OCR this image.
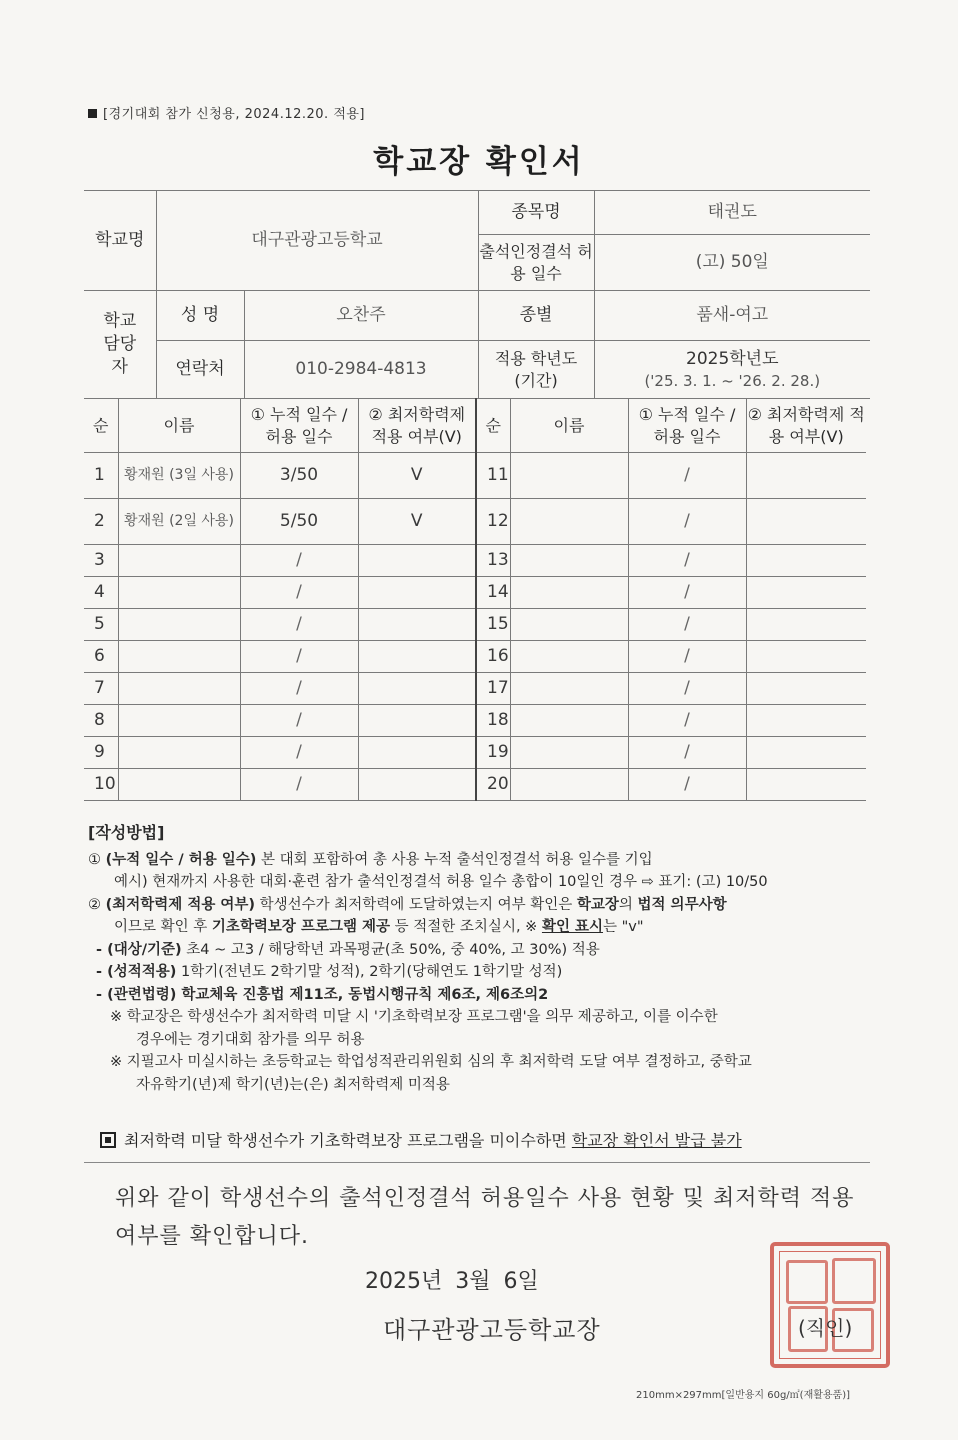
[경기대회 참가 신청용, 2024.12.20. 적용]
학교장 확인서
학교명	대구관광고등학교		종목명	태권도
			출석인정결석 허용 일수	(고) 50일
학교 담당자	성 명	오찬주	종별	품새-여고
	연락처	010-2984-4813	적용 학년도 (기간)	2025학년도
('25. 3. 1. ~ '26. 2. 28.)
순	이름	① 누적 일수 / 허용 일수	② 최저학력제 적용 여부(V)	순	이름	① 누적 일수 / 허용 일수	② 최저학력제 적용 여부(V)
1	황재원 (3일 사용)	3/50	V	11		/	
2	황재원 (2일 사용)	5/50	V	12		/	
3		/		13		/	
4		/		14		/	
5		/		15		/	
6		/		16		/	
7		/		17		/	
8		/		18		/	
9		/		19		/	
10		/		20		/	
[작성방법]

① (누적 일수 / 허용 일수) 본 대회 포함하여 총 사용 누적 출석인정결석 허용 일수를 기입

예시) 현재까지 사용한 대회·훈련 참가 출석인정결석 허용 일수 총합이 10일인 경우 ⇨ 표기: (고) 10/50

② (최저학력제 적용 여부) 학생선수가 최저학력에 도달하였는지 여부 확인은 학교장의 법적 의무사항

이므로 확인 후 기초학력보장 프로그램 제공 등 적절한 조치실시, ※ 확인 표시는 "v"

- (대상/기준) 초4 ~ 고3 / 해당학년 과목평균(초 50%, 중 40%, 고 30%) 적용

- (성적적용) 1학기(전년도 2학기말 성적), 2학기(당해연도 1학기말 성적)

- (관련법령) 학교체육 진흥법 제11조, 동법시행규칙 제6조, 제6조의2

※ 학교장은 학생선수가 최저학력 미달 시 '기초학력보장 프로그램'을 의무 제공하고, 이를 이수한

경우에는 경기대회 참가를 의무 허용

※ 지필고사 미실시하는 초등학교는 학업성적관리위원회 심의 후 최저학력 도달 여부 결정하고, 중학교

자유학기(년)제 학기(년)는(은) 최저학력제 미적용

최저학력 미달 학생선수가 기초학력보장 프로그램을 미이수하면 학교장 확인서 발급 불가
위와 같이 학생선수의 출석인정결석 허용일수 사용 현황 및 최저학력 적용 여부를 확인합니다.
2025년 3월 6일
대구관광고등학교장	(직인)
210mm×297mm[일반용지 60g/㎡(재활용품)]
